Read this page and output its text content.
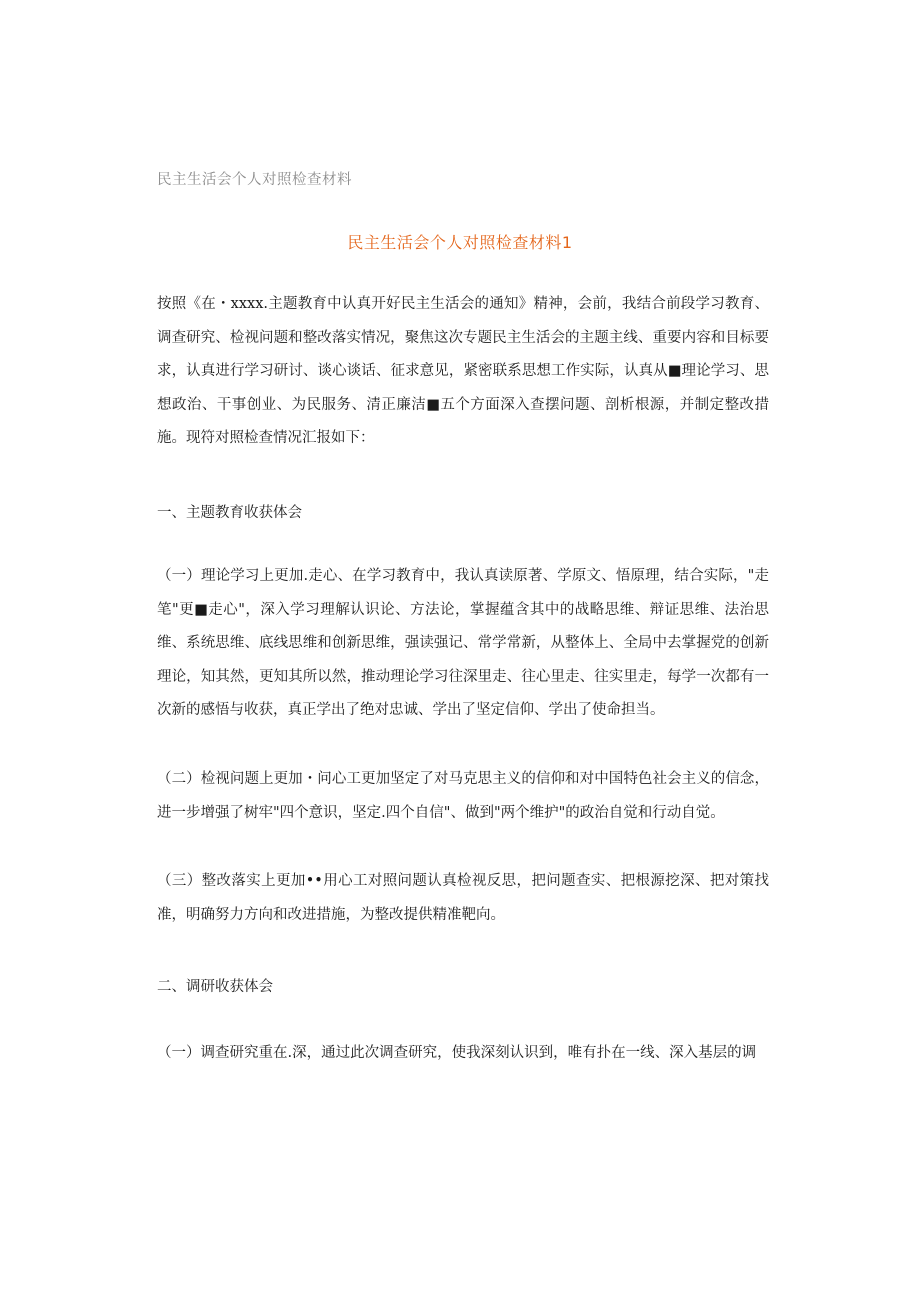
民主生活会个人对照检查材料
民主生活会个人对照检查材料1
按照《在・xxxx.主题教育中认真开好民主生活会的通知》精神，会前，我结合前段学习教育、调查研究、检视问题和整改落实情况，聚焦这次专题民主生活会的主题主线、重要内容和目标要求，认真进行学习研讨、谈心谈话、征求意见，紧密联系思想工作实际，认真从■理论学习、思想政治、干事创业、为民服务、清正廉洁■五个方面深入查摆问题、剖析根源，并制定整改措施。现符对照检查情况汇报如下：
一、主题教育收获体会
（一）理论学习上更加.走心、在学习教育中，我认真读原著、学原文、悟原理，结合实际，"走笔"更■走心"，深入学习理解认识论、方法论，掌握蕴含其中的战略思维、辩证思维、法治思维、系统思维、底线思维和创新思维，强读强记、常学常新，从整体上、全局中去掌握党的创新理论，知其然，更知其所以然，推动理论学习往深里走、往心里走、往实里走，每学一次都有一次新的感悟与收获，真正学出了绝对忠诚、学出了坚定信仰、学出了使命担当。
（二）检视问题上更加・问心工更加坚定了对马克思主义的信仰和对中国特色社会主义的信念，进一步增强了树牢"四个意识，坚定.四个自信"、做到"两个维护"的政治自觉和行动自觉。
（三）整改落实上更加••用心工对照问题认真检视反思，把问题查实、把根源挖深、把对策找准，明确努力方向和改进措施，为整改提供精准靶向。
二、调研收获体会
（一）调查研究重在.深，通过此次调查研究，使我深刻认识到，唯有扑在一线、深入基层的调
